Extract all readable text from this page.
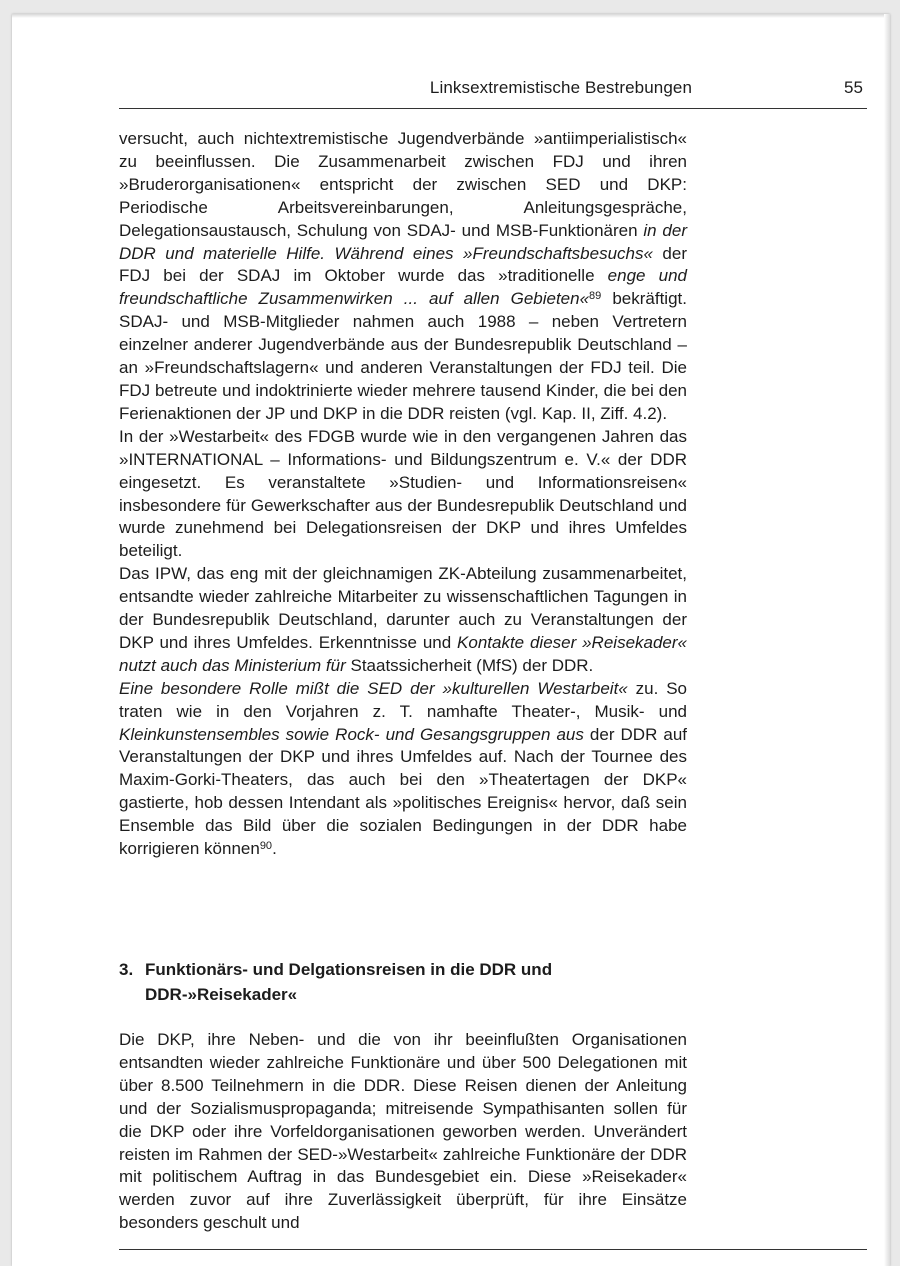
Linksextremistische Bestrebungen	55

versucht, auch nichtextremistische Jugendverbände »antiimperialistisch« zu beeinflussen. Die Zusammenarbeit zwischen FDJ und ihren »Bruderorganisationen« entspricht der zwischen SED und DKP: Periodische Arbeitsvereinbarungen, Anleitungsgespräche, Delegationsaustausch, Schulung von SDAJ- und MSB-Funktionären in der DDR und materielle Hilfe. Während eines »Freundschaftsbesuchs« der FDJ bei der SDAJ im Oktober wurde das »traditionelle enge und freundschaftliche Zusammenwirken ... auf allen Gebieten«$^{89}$ bekräftigt. SDAJ- und MSB-Mitglieder nahmen auch 1988 – neben Vertretern einzelner anderer Jugendverbände aus der Bundesrepublik Deutschland – an »Freundschaftslagern« und anderen Veranstaltungen der FDJ teil. Die FDJ betreute und indoktrinierte wieder mehrere tausend Kinder, die bei den Ferienaktionen der JP und DKP in die DDR reisten (vgl. Kap. II, Ziff. 4.2).

In der »Westarbeit« des FDGB wurde wie in den vergangenen Jahren das »INTERNATIONAL – Informations- und Bildungszentrum e. V.« der DDR eingesetzt. Es veranstaltete »Studien- und Informationsreisen« insbesondere für Gewerkschafter aus der Bundesrepublik Deutschland und wurde zunehmend bei Delegationsreisen der DKP und ihres Umfeldes beteiligt.

Das IPW, das eng mit der gleichnamigen ZK-Abteilung zusammenarbeitet, entsandte wieder zahlreiche Mitarbeiter zu wissenschaftlichen Tagungen in der Bundesrepublik Deutschland, darunter auch zu Veranstaltungen der DKP und ihres Umfeldes. Erkenntnisse und Kontakte dieser »Reisekader« nutzt auch das Ministerium für Staatssicherheit (MfS) der DDR.

Eine besondere Rolle mißt die SED der »kulturellen Westarbeit« zu. So traten wie in den Vorjahren z. T. namhafte Theater-, Musik- und Kleinkunstensembles sowie Rock- und Gesangsgruppen aus der DDR auf Veranstaltungen der DKP und ihres Umfeldes auf. Nach der Tournee des Maxim-Gorki-Theaters, das auch bei den »Theatertagen der DKP« gastierte, hob dessen Intendant als »politisches Ereignis« hervor, daß sein Ensemble das Bild über die sozialen Bedingungen in der DDR habe korrigieren können$^{90}$.

3. Funktionärs- und Delgationsreisen in die DDR und
DDR-»Reisekader«

Die DKP, ihre Neben- und die von ihr beeinflußten Organisationen entsandten wieder zahlreiche Funktionäre und über 500 Delegationen mit über 8.500 Teilnehmern in die DDR. Diese Reisen dienen der Anleitung und der Sozialismuspropaganda; mitreisende Sympathisanten sollen für die DKP oder ihre Vorfeldorganisationen geworben werden. Unverändert reisten im Rahmen der SED-»Westarbeit« zahlreiche Funktionäre der DDR mit politischem Auftrag in das Bundesgebiet ein. Diese »Reisekader« werden zuvor auf ihre Zuverlässigkeit überprüft, für ihre Einsätze besonders geschult und
